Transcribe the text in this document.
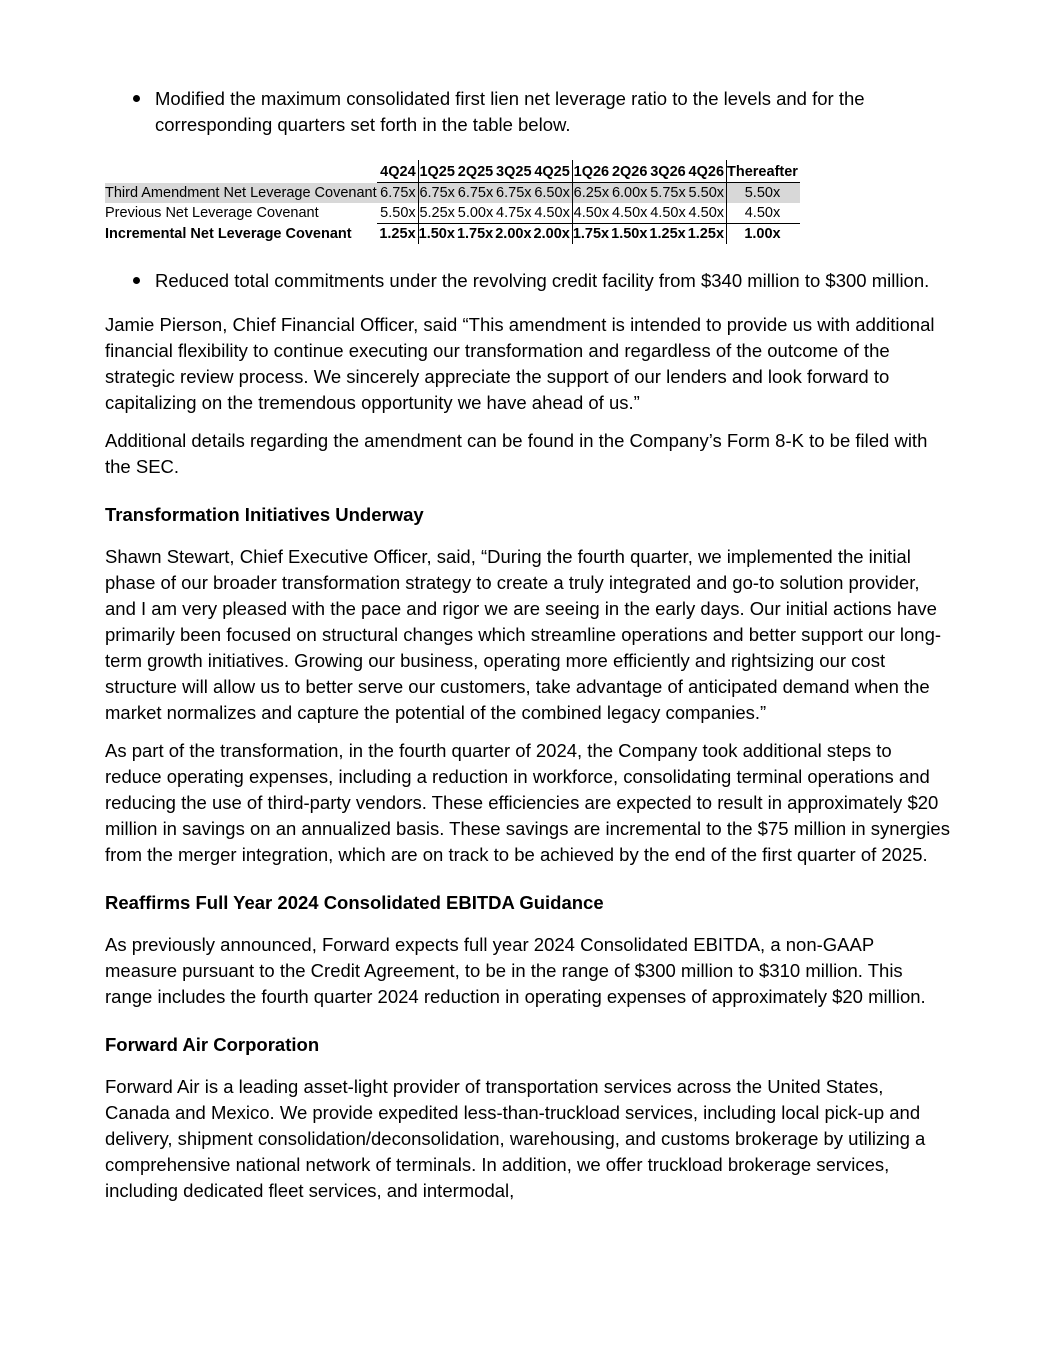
Modified the maximum consolidated first lien net leverage ratio to the levels and for the corresponding quarters set forth in the table below.
	4Q24	1Q25	2Q25	3Q25	4Q25	1Q26	2Q26	3Q26	4Q26	Thereafter
Third Amendment Net Leverage Covenant	6.75x	6.75x	6.75x	6.75x	6.50x	6.25x	6.00x	5.75x	5.50x	5.50x
Previous Net Leverage Covenant	5.50x	5.25x	5.00x	4.75x	4.50x	4.50x	4.50x	4.50x	4.50x	4.50x
Incremental Net Leverage Covenant	1.25x	1.50x	1.75x	2.00x	2.00x	1.75x	1.50x	1.25x	1.25x	1.00x
Reduced total commitments under the revolving credit facility from $340 million to $300 million.

Jamie Pierson, Chief Financial Officer, said “This amendment is intended to provide us with additional financial flexibility to continue executing our transformation and regardless of the outcome of the strategic review process. We sincerely appreciate the support of our lenders and look forward to capitalizing on the tremendous opportunity we have ahead of us.”

Additional details regarding the amendment can be found in the Company’s Form 8-K to be filed with the SEC.

Transformation Initiatives Underway

Shawn Stewart, Chief Executive Officer, said, “During the fourth quarter, we implemented the initial phase of our broader transformation strategy to create a truly integrated and go-to solution provider, and I am very pleased with the pace and rigor we are seeing in the early days. Our initial actions have primarily been focused on structural changes which streamline operations and better support our long-term growth initiatives. Growing our business, operating more efficiently and rightsizing our cost structure will allow us to better serve our customers, take advantage of anticipated demand when the market normalizes and capture the potential of the combined legacy companies.”

As part of the transformation, in the fourth quarter of 2024, the Company took additional steps to reduce operating expenses, including a reduction in workforce, consolidating terminal operations and reducing the use of third-party vendors. These efficiencies are expected to result in approximately $20 million in savings on an annualized basis. These savings are incremental to the $75 million in synergies from the merger integration, which are on track to be achieved by the end of the first quarter of 2025.

Reaffirms Full Year 2024 Consolidated EBITDA Guidance

As previously announced, Forward expects full year 2024 Consolidated EBITDA, a non-GAAP measure pursuant to the Credit Agreement, to be in the range of $300 million to $310 million. This range includes the fourth quarter 2024 reduction in operating expenses of approximately $20 million.

Forward Air Corporation

Forward Air is a leading asset-light provider of transportation services across the United States, Canada and Mexico. We provide expedited less-than-truckload services, including local pick-up and delivery, shipment consolidation/deconsolidation, warehousing, and customs brokerage by utilizing a comprehensive national network of terminals. In addition, we offer truckload brokerage services, including dedicated fleet services, and intermodal,
